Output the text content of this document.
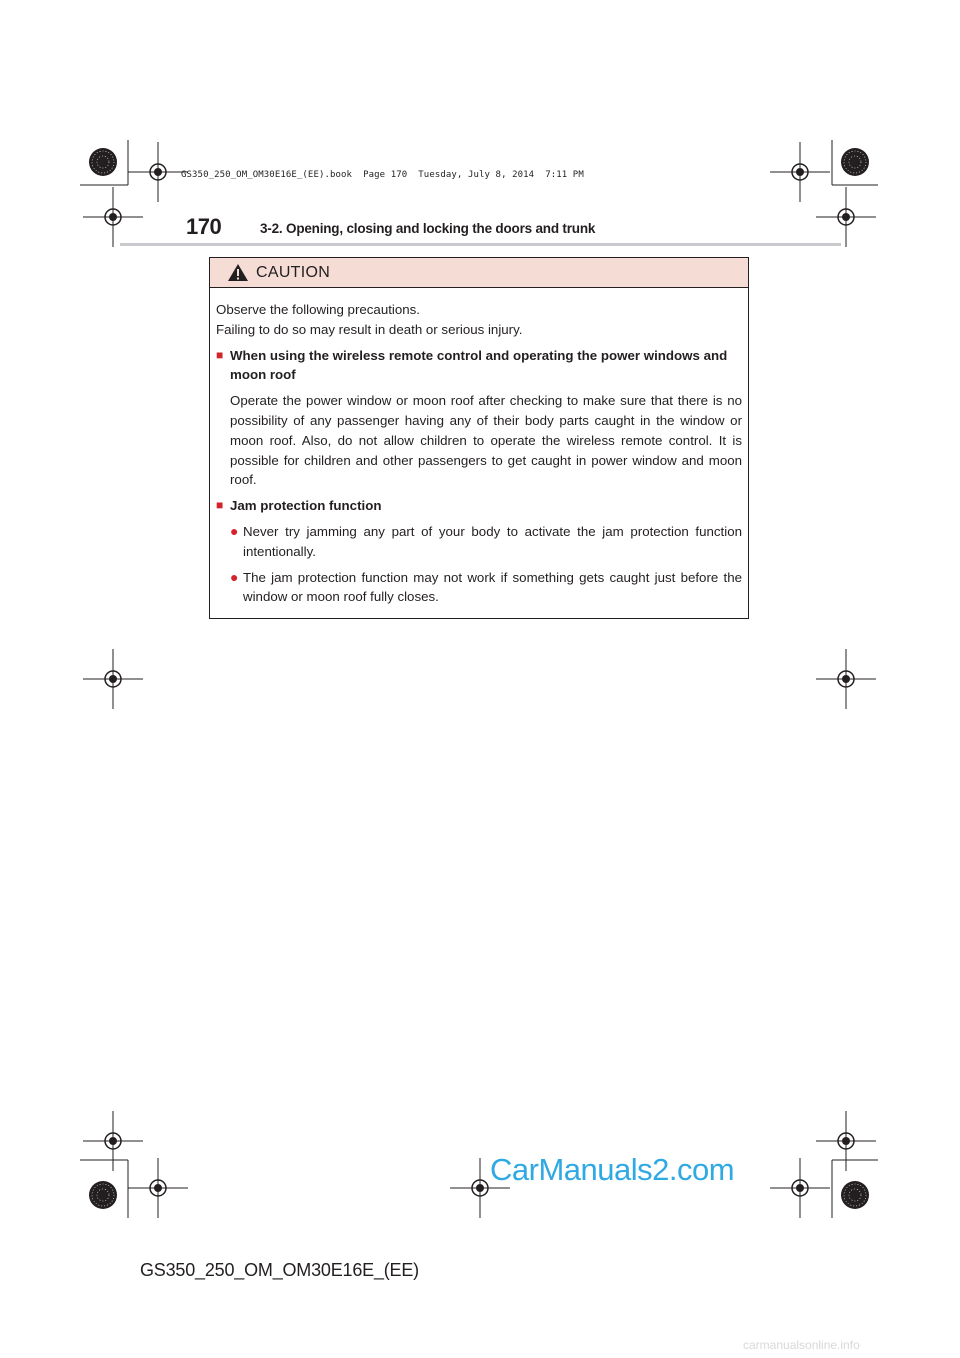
GS350_250_OM_OM30E16E_(EE).book  Page 170  Tuesday, July 8, 2014  7:11 PM
170	3-2. Opening, closing and locking the doors and trunk
CAUTION

Observe the following precautions.

Failing to do so may result in death or serious injury.

■ When using the wireless remote control and operating the power windows and moon roof

Operate the power window or moon roof after checking to make sure that there is no possibility of any passenger having any of their body parts caught in the window or moon roof. Also, do not allow children to operate the wireless remote control. It is possible for children and other passengers to get caught in power window and moon roof.

■ Jam protection function
● Never try jamming any part of your body to activate the jam protection function intentionally.
● The jam protection function may not work if something gets caught just before the window or moon roof fully closes.
CarManuals2.com
GS350_250_OM_OM30E16E_(EE)
carmanualsonline.info
